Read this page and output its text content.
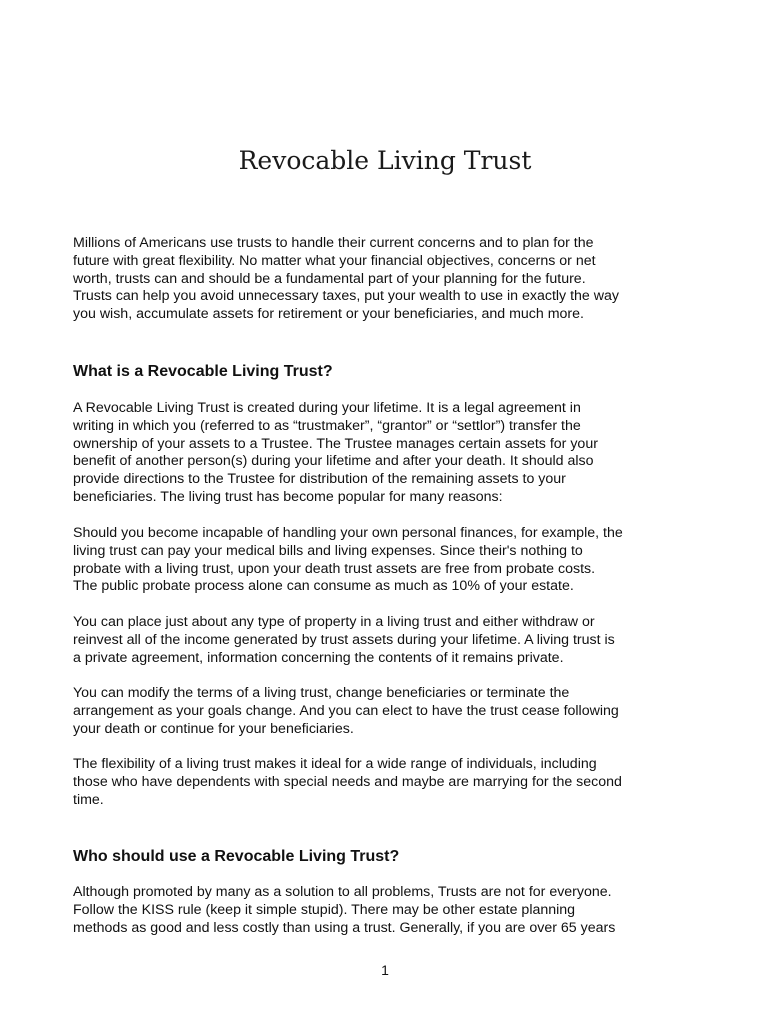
Revocable Living Trust

Millions of Americans use trusts to handle their current concerns and to plan for the
future with great flexibility. No matter what your financial objectives, concerns or net
worth, trusts can and should be a fundamental part of your planning for the future.
Trusts can help you avoid unnecessary taxes, put your wealth to use in exactly the way
you wish, accumulate assets for retirement or your beneficiaries, and much more.

What is a Revocable Living Trust?

A Revocable Living Trust is created during your lifetime. It is a legal agreement in
writing in which you (referred to as “trustmaker”, “grantor” or “settlor”) transfer the
ownership of your assets to a Trustee. The Trustee manages certain assets for your
benefit of another person(s) during your lifetime and after your death. It should also
provide directions to the Trustee for distribution of the remaining assets to your
beneficiaries. The living trust has become popular for many reasons:

Should you become incapable of handling your own personal finances, for example, the
living trust can pay your medical bills and living expenses. Since their's nothing to
probate with a living trust, upon your death trust assets are free from probate costs.
The public probate process alone can consume as much as 10% of your estate.

You can place just about any type of property in a living trust and either withdraw or
reinvest all of the income generated by trust assets during your lifetime. A living trust is
a private agreement, information concerning the contents of it remains private.

You can modify the terms of a living trust, change beneficiaries or terminate the
arrangement as your goals change. And you can elect to have the trust cease following
your death or continue for your beneficiaries.

The flexibility of a living trust makes it ideal for a wide range of individuals, including
those who have dependents with special needs and maybe are marrying for the second
time.

Who should use a Revocable Living Trust?

Although promoted by many as a solution to all problems, Trusts are not for everyone.
Follow the KISS rule (keep it simple stupid). There may be other estate planning
methods as good and less costly than using a trust. Generally, if you are over 65 years

1
